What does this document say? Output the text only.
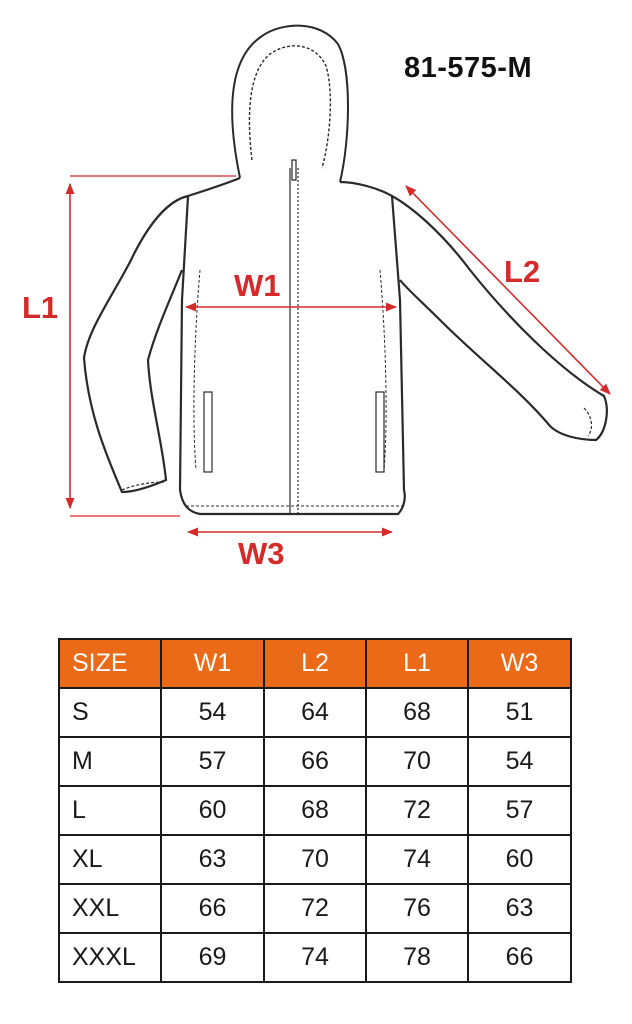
81-575-M
L1
L2
W1
W3
SIZE	W1	L2	L1	W3
S	54	64	68	51
M	57	66	70	54
L	60	68	72	57
XL	63	70	74	60
XXL	66	72	76	63
XXXL	69	74	78	66
